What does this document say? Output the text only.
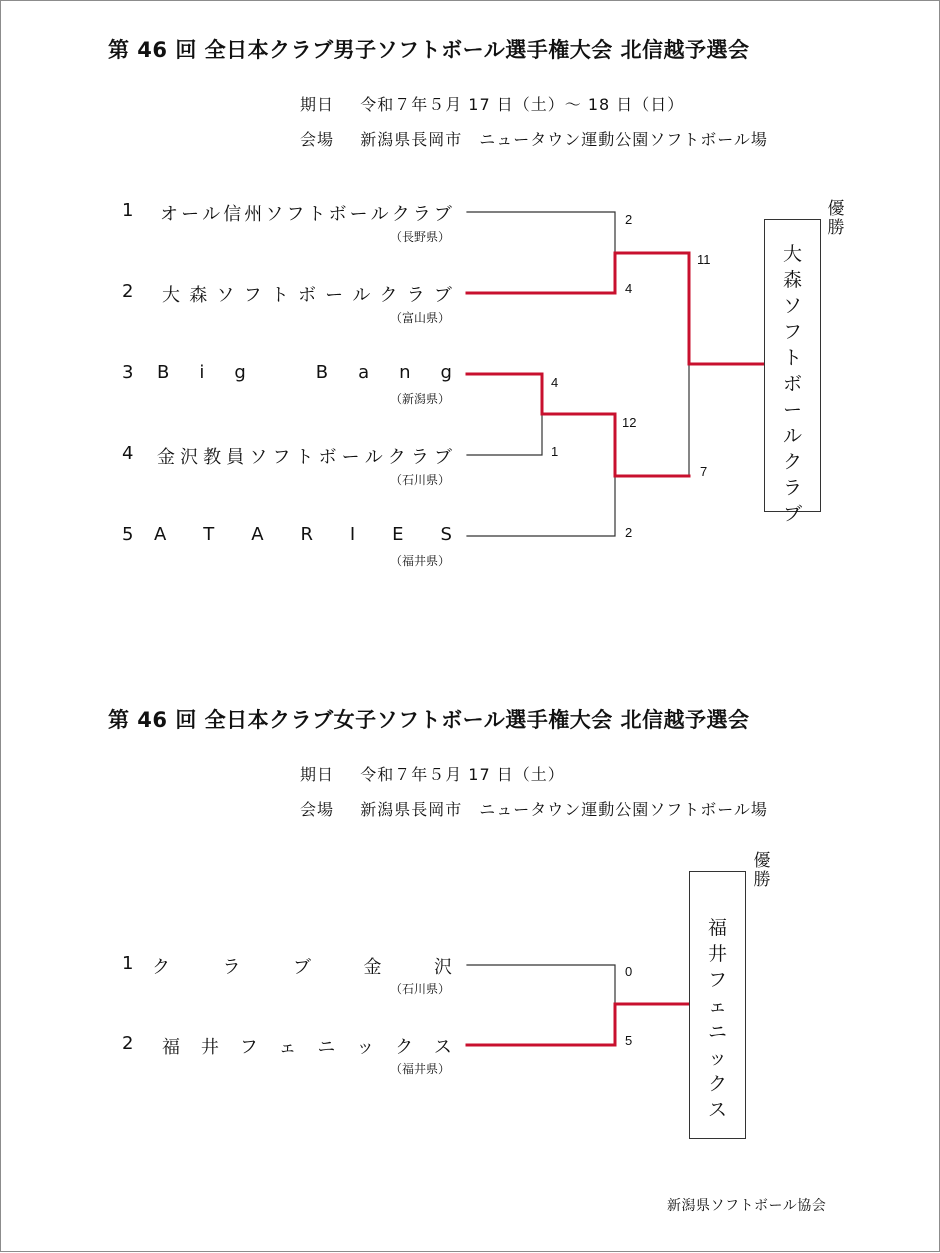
第 46 回 全日本クラブ男子ソフトボール選手権大会 北信越予選会
期日 令和７年５月 17 日（土）～ 18 日（日）
会場 新潟県長岡市　ニュータウン運動公園ソフトボール場
1 オ ー ル 信 州 ソ フ ト ボ ー ル ク ラ ブ
（長野県）
2 大 森 ソ フ ト ボ ー ル ク ラ ブ
（富山県）
3 B i g	B a n g
（新潟県）
4 金 沢 教 員 ソ フ ト ボ ー ル ク ラ ブ
（石川県）
5 A T A R I E S
（福井県）
2
4
4
1
12
2
11
7
優
勝
大
森
ソ
フ
ト
ボ
ー
ル
ク
ラ
ブ
第 46 回 全日本クラブ女子ソフトボール選手権大会 北信越予選会
期日 令和７年５月 17 日（土）
会場 新潟県長岡市　ニュータウン運動公園ソフトボール場
1 ク	ラ	ブ	金	沢
（石川県）
2 福 井 フ ェ ニ ッ ク ス
（福井県）
0
5
優
勝
福
井
フ
ェ
ニ
ッ
ク
ス
新潟県ソフトボール協会
